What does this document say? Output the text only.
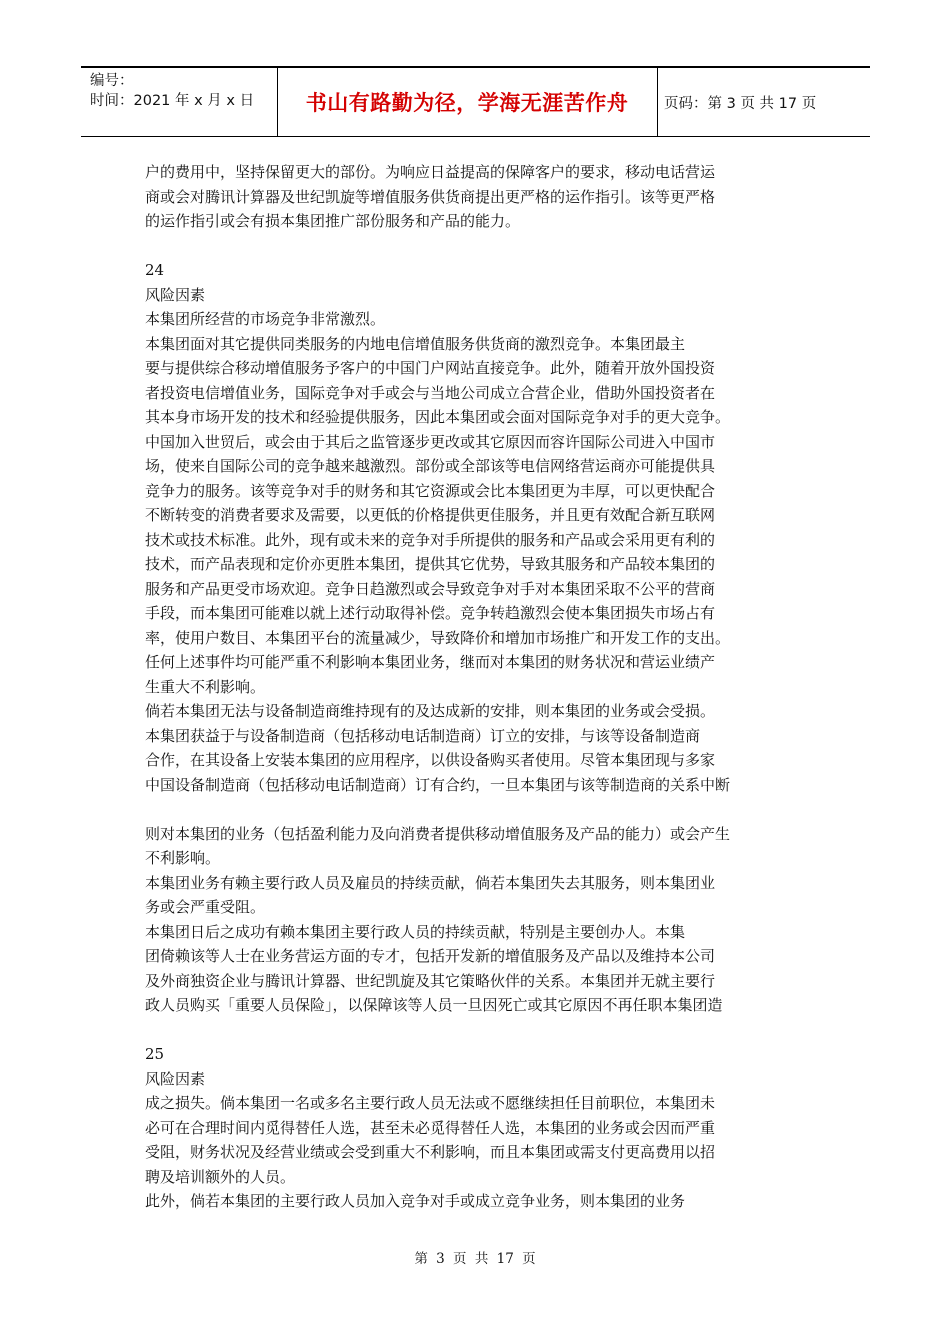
编号：
时间：2021 年 x 月 x 日	书山有路勤为径，学海无涯苦作舟	页码：第 3 页 共 17 页
户的费用中，坚持保留更大的部份。为响应日益提高的保障客户的要求，移动电话营运
商或会对腾讯计算器及世纪凯旋等增值服务供货商提出更严格的运作指引。该等更严格
的运作指引或会有损本集团推广部份服务和产品的能力。
24
风险因素
本集团所经营的市场竞争非常激烈。
本集团面对其它提供同类服务的内地电信增值服务供货商的激烈竞争。本集团最主
要与提供综合移动增值服务予客户的中国门户网站直接竞争。此外，随着开放外国投资
者投资电信增值业务，国际竞争对手或会与当地公司成立合营企业，借助外国投资者在
其本身市场开发的技术和经验提供服务，因此本集团或会面对国际竞争对手的更大竞争。
中国加入世贸后，或会由于其后之监管逐步更改或其它原因而容许国际公司进入中国市
场，使来自国际公司的竞争越来越激烈。部份或全部该等电信网络营运商亦可能提供具
竞争力的服务。该等竞争对手的财务和其它资源或会比本集团更为丰厚，可以更快配合
不断转变的消费者要求及需要，以更低的价格提供更佳服务，并且更有效配合新互联网
技术或技术标准。此外，现有或未来的竞争对手所提供的服务和产品或会采用更有利的
技术，而产品表现和定价亦更胜本集团，提供其它优势，导致其服务和产品较本集团的
服务和产品更受市场欢迎。竞争日趋激烈或会导致竞争对手对本集团采取不公平的营商
手段，而本集团可能难以就上述行动取得补偿。竞争转趋激烈会使本集团损失市场占有
率，使用户数目、本集团平台的流量减少，导致降价和增加市场推广和开发工作的支出。
任何上述事件均可能严重不利影响本集团业务，继而对本集团的财务状况和营运业绩产
生重大不利影响。
倘若本集团无法与设备制造商维持现有的及达成新的安排，则本集团的业务或会受损。
本集团获益于与设备制造商（包括移动电话制造商）订立的安排，与该等设备制造商
合作，在其设备上安装本集团的应用程序，以供设备购买者使用。尽管本集团现与多家
中国设备制造商（包括移动电话制造商）订有合约，一旦本集团与该等制造商的关系中断
则对本集团的业务（包括盈利能力及向消费者提供移动增值服务及产品的能力）或会产生
不利影响。
本集团业务有赖主要行政人员及雇员的持续贡献，倘若本集团失去其服务，则本集团业
务或会严重受阻。
本集团日后之成功有赖本集团主要行政人员的持续贡献，特别是主要创办人。本集
团倚赖该等人士在业务营运方面的专才，包括开发新的增值服务及产品以及维持本公司
及外商独资企业与腾讯计算器、世纪凯旋及其它策略伙伴的关系。本集团并无就主要行
政人员购买「重要人员保险」，以保障该等人员一旦因死亡或其它原因不再任职本集团造
25
风险因素
成之损失。倘本集团一名或多名主要行政人员无法或不愿继续担任目前职位，本集团未
必可在合理时间内觅得替任人选，甚至未必觅得替任人选，本集团的业务或会因而严重
受阻，财务状况及经营业绩或会受到重大不利影响，而且本集团或需支付更高费用以招
聘及培训额外的人员。
此外，倘若本集团的主要行政人员加入竞争对手或成立竞争业务，则本集团的业务
第 3 页 共 17 页
